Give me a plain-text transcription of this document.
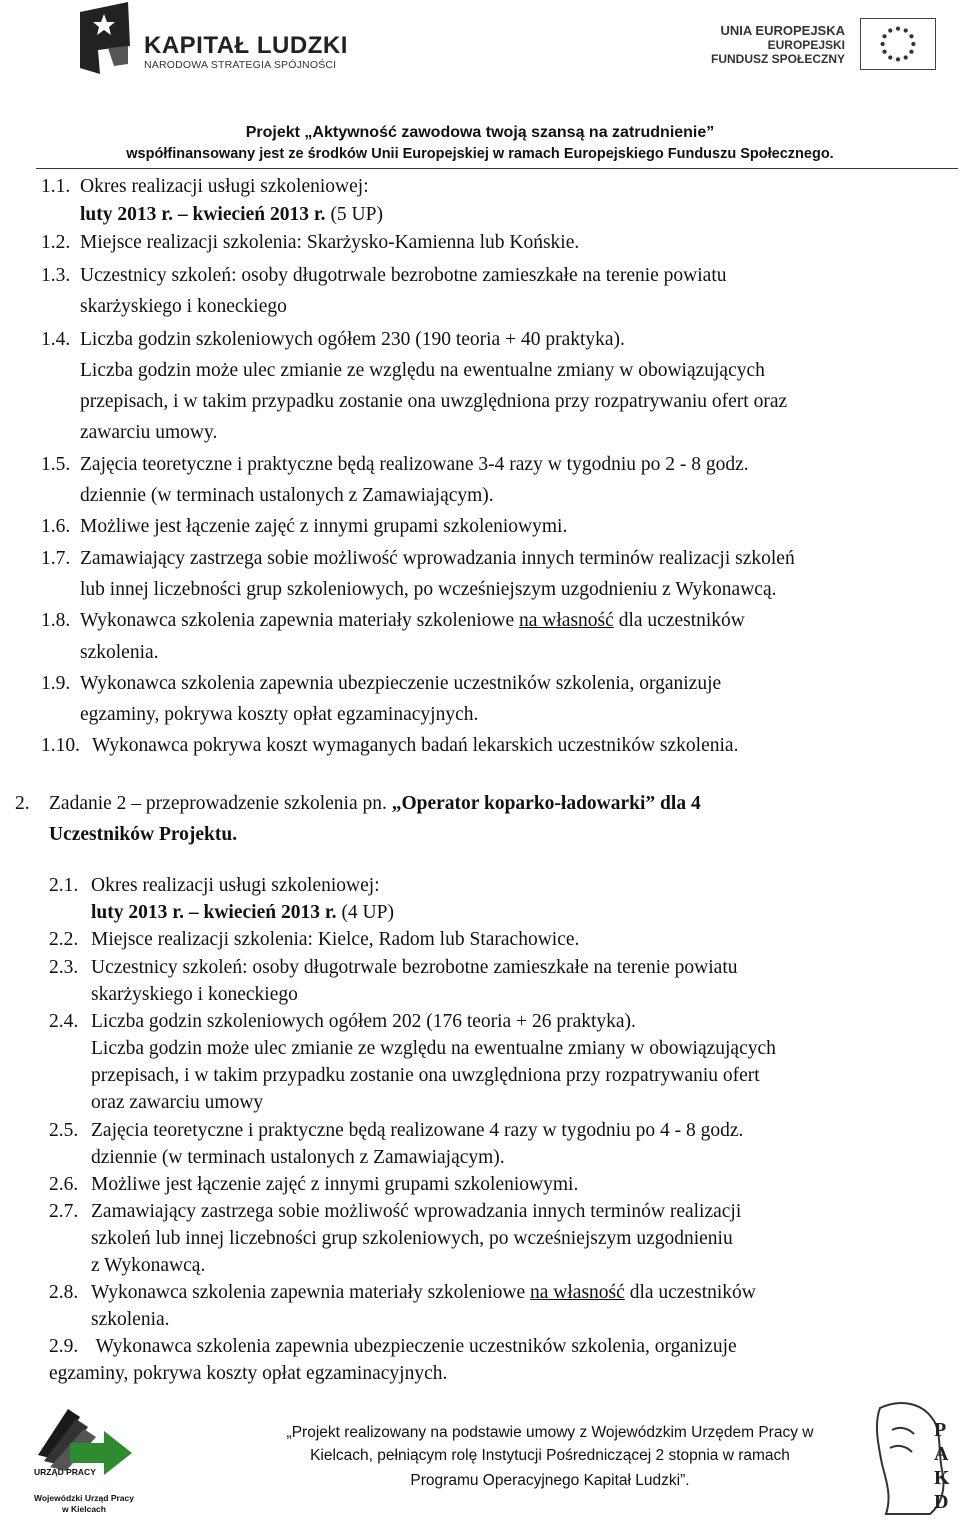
KAPITAŁ LUDZKI
NARODOWA STRATEGIA SPÓJNOŚCI
UNIA EUROPEJSKA
EUROPEJSKI
FUNDUSZ SPOŁECZNY
Projekt „Aktywność zawodowa twoją szansą na zatrudnienie”
współfinansowany jest ze środków Unii Europejskiej w ramach Europejskiego Funduszu Społecznego.
1.1. Okres realizacji usługi szkoleniowej:
luty 2013 r. – kwiecień 2013 r. (5 UP)
1.2. Miejsce realizacji szkolenia: Skarżysko-Kamienna lub Końskie.
1.3. Uczestnicy szkoleń: osoby długotrwale bezrobotne zamieszkałe na terenie powiatu
skarżyskiego i koneckiego
1.4. Liczba godzin szkoleniowych ogółem 230 (190 teoria + 40 praktyka).
Liczba godzin może ulec zmianie ze względu na ewentualne zmiany w obowiązujących
przepisach, i w takim przypadku zostanie ona uwzględniona przy rozpatrywaniu ofert oraz
zawarciu umowy.
1.5. Zajęcia teoretyczne i praktyczne będą realizowane 3-4 razy w tygodniu po 2 - 8 godz.
dziennie (w terminach ustalonych z Zamawiającym).
1.6. Możliwe jest łączenie zajęć z innymi grupami szkoleniowymi.
1.7. Zamawiający zastrzega sobie możliwość wprowadzania innych terminów realizacji szkoleń
lub innej liczebności grup szkoleniowych, po wcześniejszym uzgodnieniu z Wykonawcą.
1.8. Wykonawca szkolenia zapewnia materiały szkoleniowe na własność dla uczestników
szkolenia.
1.9. Wykonawca szkolenia zapewnia ubezpieczenie uczestników szkolenia, organizuje
egzaminy, pokrywa koszty opłat egzaminacyjnych.
1.10. Wykonawca pokrywa koszt wymaganych badań lekarskich uczestników szkolenia.
2. Zadanie 2 – przeprowadzenie szkolenia pn. „Operator koparko-ładowarki” dla 4
Uczestników Projektu.
2.1. Okres realizacji usługi szkoleniowej:
luty 2013 r. – kwiecień 2013 r. (4 UP)
2.2. Miejsce realizacji szkolenia: Kielce, Radom lub Starachowice.
2.3. Uczestnicy szkoleń: osoby długotrwale bezrobotne zamieszkałe na terenie powiatu
skarżyskiego i koneckiego
2.4. Liczba godzin szkoleniowych ogółem 202 (176 teoria + 26 praktyka).
Liczba godzin może ulec zmianie ze względu na ewentualne zmiany w obowiązujących
przepisach, i w takim przypadku zostanie ona uwzględniona przy rozpatrywaniu ofert
oraz zawarciu umowy
2.5. Zajęcia teoretyczne i praktyczne będą realizowane 4 razy w tygodniu po 4 - 8 godz.
dziennie (w terminach ustalonych z Zamawiającym).
2.6. Możliwe jest łączenie zajęć z innymi grupami szkoleniowymi.
2.7. Zamawiający zastrzega sobie możliwość wprowadzania innych terminów realizacji
szkoleń lub innej liczebności grup szkoleniowych, po wcześniejszym uzgodnieniu
z Wykonawcą.
2.8. Wykonawca szkolenia zapewnia materiały szkoleniowe na własność dla uczestników
szkolenia.
2.9. Wykonawca szkolenia zapewnia ubezpieczenie uczestników szkolenia, organizuje
egzaminy, pokrywa koszty opłat egzaminacyjnych.
URZĄD PRACY
Wojewódzki Urząd Pracy
w Kielcach
„Projekt realizowany na podstawie umowy z Wojewódzkim Urzędem Pracy w
Kielcach, pełniącym rolę Instytucji Pośredniczącej 2 stopnia w ramach
Programu Operacyjnego Kapitał Ludzki”.
P
A
K
D
